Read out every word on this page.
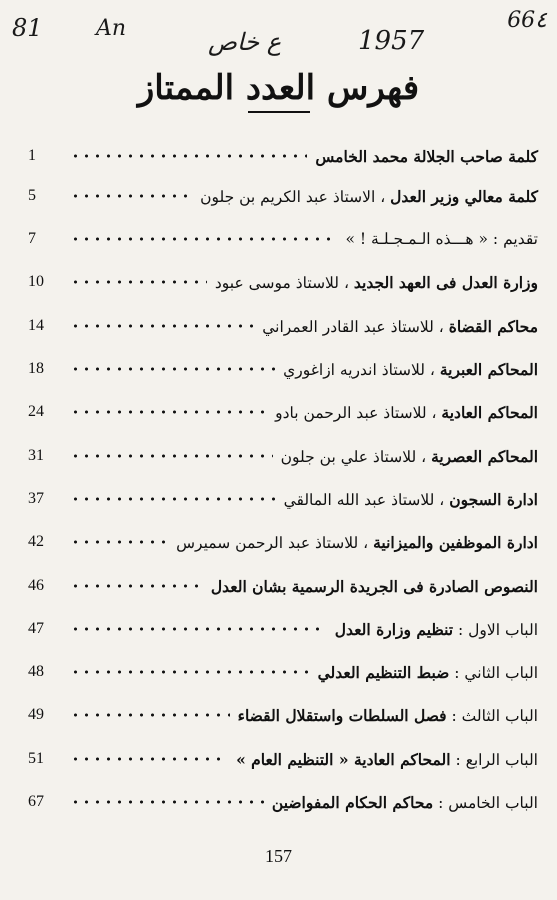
66٤
81 An	ع خاص	1957
فهرس العدد الممتاز
كلمة صاحب الجلالة محمد الخامس
1
كلمة معالي وزير العدل ، الاستاذ عبد الكريم بن جلون
5
تقديم : « هـــذه الـمـجـلـة ! »
7
وزارة العدل فى العهد الجديد ، للاستاذ موسى عبود
10
محاكم القضاة ، للاستاذ عبد القادر العمراني
14
المحاكم العبرية ، للاستاذ اندريه ازاغوري
18
المحاكم العادية ، للاستاذ عبد الرحمن بادو
24
المحاكم العصرية ، للاستاذ علي بن جلون
31
ادارة السجون ، للاستاذ عبد الله المالقي
37
ادارة الموظفين والميزانية ، للاستاذ عبد الرحمن سميرس
42
النصوص الصادرة فى الجريدة الرسمية بشان العدل
46
الباب الاول : تنظيم وزارة العدل
47
الباب الثاني : ضبط التنظيم العدلي
48
الباب الثالث : فصل السلطات واستقلال القضاء
49
الباب الرابع : المحاكم العادية « التنظيم العام »
51
الباب الخامس : محاكم الحكام المفواضين
67
157
